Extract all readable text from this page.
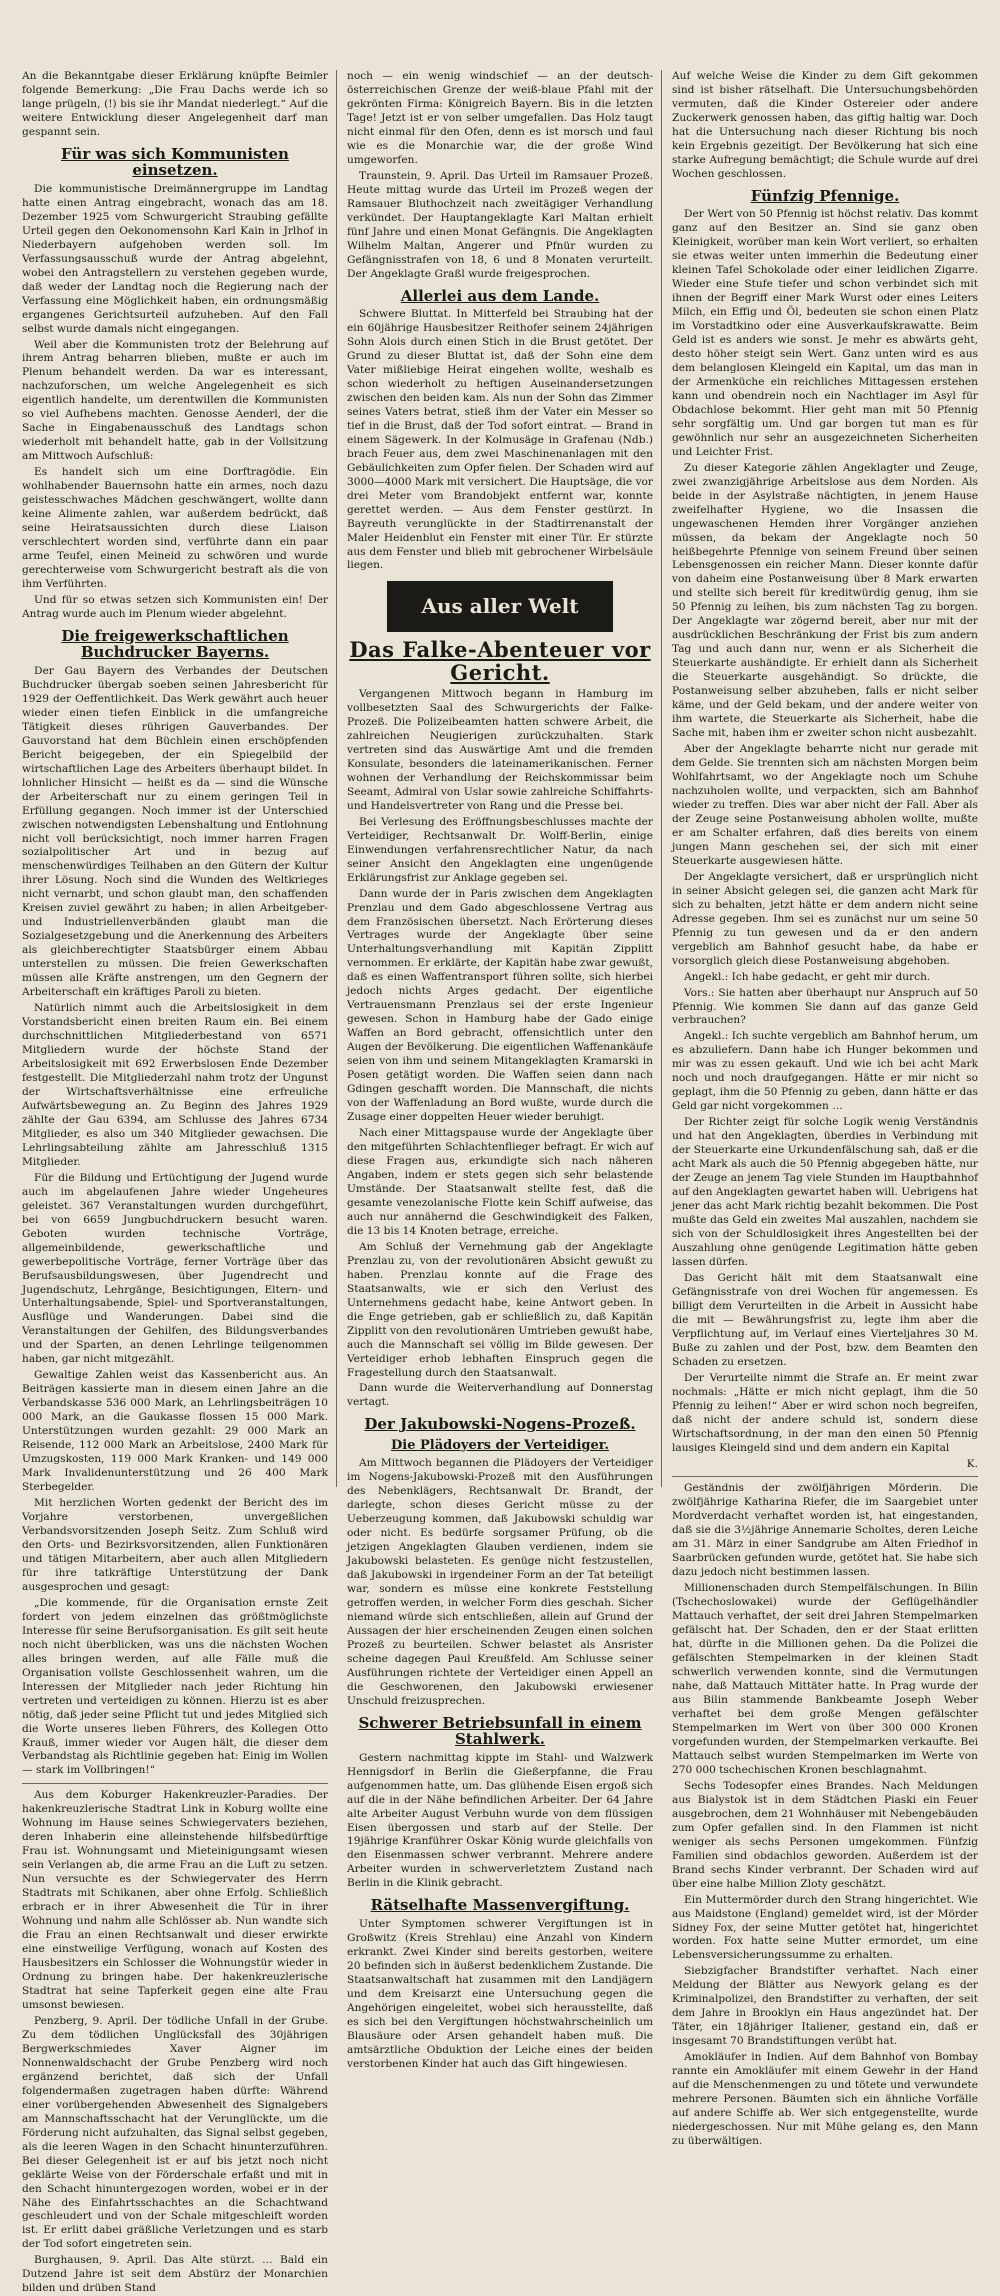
An die Bekanntgabe dieser Erklärung knüpfte Beimler folgende Bemerkung: „Die Frau Dachs werde ich so lange prügeln, (!) bis sie ihr Mandat niederlegt.“ Auf die weitere Entwicklung dieser Angelegenheit darf man gespannt sein.

Für was sich Kommunisten einsetzen.

Die kommunistische Dreimännergruppe im Landtag hatte einen Antrag eingebracht, wonach das am 18. Dezember 1925 vom Schwurgericht Straubing gefällte Urteil gegen den Oekonomensohn Karl Kain in Jrlhof in Niederbayern aufgehoben werden soll. Im Verfassungsausschuß wurde der Antrag abgelehnt, wobei den Antragstellern zu verstehen gegeben wurde, daß weder der Landtag noch die Regierung nach der Verfassung eine Möglichkeit haben, ein ordnungsmäßig ergangenes Gerichtsurteil aufzuheben. Auf den Fall selbst wurde damals nicht eingegangen.

Weil aber die Kommunisten trotz der Belehrung auf ihrem Antrag beharren blieben, mußte er auch im Plenum behandelt werden. Da war es interessant, nachzuforschen, um welche Angelegenheit es sich eigentlich handelte, um derentwillen die Kommunisten so viel Aufhebens machten. Genosse Aenderl, der die Sache in Eingabenausschuß des Landtags schon wiederholt mit behandelt hatte, gab in der Vollsitzung am Mittwoch Aufschluß:

Es handelt sich um eine Dorftragödie. Ein wohlhabender Bauernsohn hatte ein armes, noch dazu geistesschwaches Mädchen geschwängert, wollte dann keine Alimente zahlen, war außerdem bedrückt, daß seine Heiratsaussichten durch diese Liaison verschlechtert worden sind, verführte dann ein paar arme Teufel, einen Meineid zu schwören und wurde gerechterweise vom Schwurgericht bestraft als die von ihm Verführten.

Und für so etwas setzen sich Kommunisten ein! Der Antrag wurde auch im Plenum wieder abgelehnt.

Die freigewerkschaftlichen Buchdrucker Bayerns.

Der Gau Bayern des Verbandes der Deutschen Buchdrucker übergab soeben seinen Jahresbericht für 1929 der Oeffentlichkeit. Das Werk gewährt auch heuer wieder einen tiefen Einblick in die umfangreiche Tätigkeit dieses rührigen Gauverbandes. Der Gauvorstand hat dem Büchlein einen erschöpfenden Bericht beigegeben, der ein Spiegelbild der wirtschaftlichen Lage des Arbeiters überhaupt bildet. In lohnlicher Hinsicht — heißt es da — sind die Wünsche der Arbeiterschaft nur zu einem geringen Teil in Erfüllung gegangen. Noch immer ist der Unterschied zwischen notwendigsten Lebenshaltung und Entlohnung nicht voll berücksichtigt, noch immer harren Fragen sozialpolitischer Art und in bezug auf menschenwürdiges Teilhaben an den Gütern der Kultur ihrer Lösung. Noch sind die Wunden des Weltkrieges nicht vernarbt, und schon glaubt man, den schaffenden Kreisen zuviel gewährt zu haben; in allen Arbeitgeber- und Industriellenverbänden glaubt man die Sozialgesetzgebung und die Anerkennung des Arbeiters als gleichberechtigter Staatsbürger einem Abbau unterstellen zu müssen. Die freien Gewerkschaften müssen alle Kräfte anstrengen, um den Gegnern der Arbeiterschaft ein kräftiges Paroli zu bieten.

Natürlich nimmt auch die Arbeitslosigkeit in dem Vorstandsbericht einen breiten Raum ein. Bei einem durchschnittlichen Mitgliederbestand von 6571 Mitgliedern wurde der höchste Stand der Arbeitslosigkeit mit 692 Erwerbslosen Ende Dezember festgestellt. Die Mitgliederzahl nahm trotz der Ungunst der Wirtschaftsverhältnisse eine erfreuliche Aufwärtsbewegung an. Zu Beginn des Jahres 1929 zählte der Gau 6394, am Schlusse des Jahres 6734 Mitglieder, es also um 340 Mitglieder gewachsen. Die Lehrlingsabteilung zählte am Jahresschluß 1315 Mitglieder.

Für die Bildung und Ertüchtigung der Jugend wurde auch im abgelaufenen Jahre wieder Ungeheures geleistet. 367 Veranstaltungen wurden durchgeführt, bei von 6659 Jungbuchdruckern besucht waren. Geboten wurden technische Vorträge, allgemeinbildende, gewerkschaftliche und gewerbepolitische Vorträge, ferner Vorträge über das Berufsausbildungswesen, über Jugendrecht und Jugendschutz, Lehrgänge, Besichtigungen, Eltern- und Unterhaltungsabende, Spiel- und Sportveranstaltungen, Ausflüge und Wanderungen. Dabei sind die Veranstaltungen der Gehilfen, des Bildungsverbandes und der Sparten, an denen Lehrlinge teilgenommen haben, gar nicht mitgezählt.

Gewaltige Zahlen weist das Kassenbericht aus. An Beiträgen kassierte man in diesem einen Jahre an die Verbandskasse 536 000 Mark, an Lehrlingsbeiträgen 10 000 Mark, an die Gaukasse flossen 15 000 Mark. Unterstützungen wurden gezahlt: 29 000 Mark an Reisende, 112 000 Mark an Arbeitslose, 2400 Mark für Umzugskosten, 119 000 Mark Kranken- und 149 000 Mark Invalidenunterstützung und 26 400 Mark Sterbegelder.

Mit herzlichen Worten gedenkt der Bericht des im Vorjahre verstorbenen, unvergeßlichen Verbandsvorsitzenden Joseph Seitz. Zum Schluß wird den Orts- und Bezirksvorsitzenden, allen Funktionären und tätigen Mitarbeitern, aber auch allen Mitgliedern für ihre tatkräftige Unterstützung der Dank ausgesprochen und gesagt:

„Die kommende, für die Organisation ernste Zeit fordert von jedem einzelnen das größtmöglichste Interesse für seine Berufsorganisation. Es gilt seit heute noch nicht überblicken, was uns die nächsten Wochen alles bringen werden, auf alle Fälle muß die Organisation vollste Geschlossenheit wahren, um die Interessen der Mitglieder nach jeder Richtung hin vertreten und verteidigen zu können. Hierzu ist es aber nötig, daß jeder seine Pflicht tut und jedes Mitglied sich die Worte unseres lieben Führers, des Kollegen Otto Krauß, immer wieder vor Augen hält, die dieser dem Verbandstag als Richtlinie gegeben hat: Einig im Wollen — stark im Vollbringen!“

Aus dem Koburger Hakenkreuzler-Paradies. Der hakenkreuzlerische Stadtrat Link in Koburg wollte eine Wohnung im Hause seines Schwiegervaters beziehen, deren Inhaberin eine alleinstehende hilfsbedürftige Frau ist. Wohnungsamt und Mieteinigungsamt wiesen sein Verlangen ab, die arme Frau an die Luft zu setzen. Nun versuchte es der Schwiegervater des Herrn Stadtrats mit Schikanen, aber ohne Erfolg. Schließlich erbrach er in ihrer Abwesenheit die Tür in ihrer Wohnung und nahm alle Schlösser ab. Nun wandte sich die Frau an einen Rechtsanwalt und dieser erwirkte eine einstweilige Verfügung, wonach auf Kosten des Hausbesitzers ein Schlosser die Wohnungstür wieder in Ordnung zu bringen habe. Der hakenkreuzlerische Stadtrat hat seine Tapferkeit gegen eine alte Frau umsonst bewiesen.

Penzberg, 9. April. Der tödliche Unfall in der Grube. Zu dem tödlichen Unglücksfall des 30jährigen Bergwerkschmiedes Xaver Aigner im Nonnenwaldschacht der Grube Penzberg wird noch ergänzend berichtet, daß sich der Unfall folgendermaßen zugetragen haben dürfte: Während einer vorübergehenden Abwesenheit des Signalgebers am Mannschaftsschacht hat der Verunglückte, um die Förderung nicht aufzuhalten, das Signal selbst gegeben, als die leeren Wagen in den Schacht hinunterzuführen. Bei dieser Gelegenheit ist er auf bis jetzt noch nicht geklärte Weise von der Förderschale erfaßt und mit in den Schacht hinuntergezogen worden, wobei er in der Nähe des Einfahrtsschachtes an die Schachtwand geschleudert und von der Schale mitgeschleift worden ist. Er erlitt dabei gräßliche Verletzungen und es starb der Tod sofort eingetreten sein.

Burghausen, 9. April. Das Alte stürzt. … Bald ein Dutzend Jahre ist seit dem Abstürz der Monarchien bilden und drüben Stand

noch — ein wenig windschief — an der deutsch-österreichischen Grenze der weiß-blaue Pfahl mit der gekrönten Firma: Königreich Bayern. Bis in die letzten Tage! Jetzt ist er von selber umgefallen. Das Holz taugt nicht einmal für den Ofen, denn es ist morsch und faul wie es die Monarchie war, die der große Wind umgeworfen.

Traunstein, 9. April. Das Urteil im Ramsauer Prozeß. Heute mittag wurde das Urteil im Prozeß wegen der Ramsauer Bluthochzeit nach zweitägiger Verhandlung verkündet. Der Hauptangeklagte Karl Maltan erhielt fünf Jahre und einen Monat Gefängnis. Die Angeklagten Wilhelm Maltan, Angerer und Pfnür wurden zu Gefängnisstrafen von 18, 6 und 8 Monaten verurteilt. Der Angeklagte Graßl wurde freigesprochen.

Allerlei aus dem Lande.

Schwere Bluttat. In Mitterfeld bei Straubing hat der ein 60jährige Hausbesitzer Reithofer seinem 24jährigen Sohn Alois durch einen Stich in die Brust getötet. Der Grund zu dieser Bluttat ist, daß der Sohn eine dem Vater mißliebige Heirat eingehen wollte, weshalb es schon wiederholt zu heftigen Auseinandersetzungen zwischen den beiden kam. Als nun der Sohn das Zimmer seines Vaters betrat, stieß ihm der Vater ein Messer so tief in die Brust, daß der Tod sofort eintrat. — Brand in einem Sägewerk. In der Kolmusäge in Grafenau (Ndb.) brach Feuer aus, dem zwei Maschinenanlagen mit den Gebäulichkeiten zum Opfer fielen. Der Schaden wird auf 3000—4000 Mark mit versichert. Die Hauptsäge, die vor drei Meter vom Brandobjekt entfernt war, konnte gerettet werden. — Aus dem Fenster gestürzt. In Bayreuth verunglückte in der Stadtirrenanstalt der Maler Heidenblut ein Fenster mit einer Tür. Er stürzte aus dem Fenster und blieb mit gebrochener Wirbelsäule liegen.

Aus aller Welt
Das Falke-Abenteuer vor Gericht.

Vergangenen Mittwoch begann in Hamburg im vollbesetzten Saal des Schwurgerichts der Falke-Prozeß. Die Polizeibeamten hatten schwere Arbeit, die zahlreichen Neugierigen zurückzuhalten. Stark vertreten sind das Auswärtige Amt und die fremden Konsulate, besonders die lateinamerikanischen. Ferner wohnen der Verhandlung der Reichskommissar beim Seeamt, Admiral von Uslar sowie zahlreiche Schiffahrts- und Handelsvertreter von Rang und die Presse bei.

Bei Verlesung des Eröffnungsbeschlusses machte der Verteidiger, Rechtsanwalt Dr. Wolff-Berlin, einige Einwendungen verfahrensrechtlicher Natur, da nach seiner Ansicht den Angeklagten eine ungenügende Erklärungsfrist zur Anklage gegeben sei.

Dann wurde der in Paris zwischen dem Angeklagten Prenzlau und dem Gado abgeschlossene Vertrag aus dem Französischen übersetzt. Nach Erörterung dieses Vertrages wurde der Angeklagte über seine Unterhaltungsverhandlung mit Kapitän Zipplitt vernommen. Er erklärte, der Kapitän habe zwar gewußt, daß es einen Waffentransport führen sollte, sich hierbei jedoch nichts Arges gedacht. Der eigentliche Vertrauensmann Prenzlaus sei der erste Ingenieur gewesen. Schon in Hamburg habe der Gado einige Waffen an Bord gebracht, offensichtlich unter den Augen der Bevölkerung. Die eigentlichen Waffenankäufe seien von ihm und seinem Mitangeklagten Kramarski in Posen getätigt worden. Die Waffen seien dann nach Gdingen geschafft worden. Die Mannschaft, die nichts von der Waffenladung an Bord wußte, wurde durch die Zusage einer doppelten Heuer wieder beruhigt.

Nach einer Mittagspause wurde der Angeklagte über den mitgeführten Schlachtenflieger befragt. Er wich auf diese Fragen aus, erkundigte sich nach näheren Angaben, indem er stets gegen sich sehr belastende Umstände. Der Staatsanwalt stellte fest, daß die gesamte venezolanische Flotte kein Schiff aufweise, das auch nur annähernd die Geschwindigkeit des Falken, die 13 bis 14 Knoten betrage, erreiche.

Am Schluß der Vernehmung gab der Angeklagte Prenzlau zu, von der revolutionären Absicht gewußt zu haben. Prenzlau konnte auf die Frage des Staatsanwalts, wie er sich den Verlust des Unternehmens gedacht habe, keine Antwort geben. In die Enge getrieben, gab er schließlich zu, daß Kapitän Zipplitt von den revolutionären Umtrieben gewußt habe, auch die Mannschaft sei völlig im Bilde gewesen. Der Verteidiger erhob lebhaften Einspruch gegen die Fragestellung durch den Staatsanwalt.

Dann wurde die Weiterverhandlung auf Donnerstag vertagt.

Der Jakubowski-Nogens-Prozeß.
Die Plädoyers der Verteidiger.

Am Mittwoch begannen die Plädoyers der Verteidiger im Nogens-Jakubowski-Prozeß mit den Ausführungen des Nebenklägers, Rechtsanwalt Dr. Brandt, der darlegte, schon dieses Gericht müsse zu der Ueberzeugung kommen, daß Jakubowski schuldig war oder nicht. Es bedürfe sorgsamer Prüfung, ob die jetzigen Angeklagten Glauben verdienen, indem sie Jakubowski belasteten. Es genüge nicht festzustellen, daß Jakubowski in irgendeiner Form an der Tat beteiligt war, sondern es müsse eine konkrete Feststellung getroffen werden, in welcher Form dies geschah. Sicher niemand würde sich entschließen, allein auf Grund der Aussagen der hier erscheinenden Zeugen einen solchen Prozeß zu beurteilen. Schwer belastet als Ansrister scheine dagegen Paul Kreußfeld. Am Schlusse seiner Ausführungen richtete der Verteidiger einen Appell an die Geschworenen, den Jakubowski erwiesener Unschuld freizusprechen.

Schwerer Betriebsunfall in einem Stahlwerk.

Gestern nachmittag kippte im Stahl- und Walzwerk Hennigsdorf in Berlin die Gießerpfanne, die Frau aufgenommen hatte, um. Das glühende Eisen ergoß sich auf die in der Nähe befindlichen Arbeiter. Der 64 Jahre alte Arbeiter August Verbuhn wurde von dem flüssigen Eisen übergossen und starb auf der Stelle. Der 19jährige Kranführer Oskar König wurde gleichfalls von den Eisenmassen schwer verbrannt. Mehrere andere Arbeiter wurden in schwerverletztem Zustand nach Berlin in die Klinik gebracht.

Rätselhafte Massenvergiftung.

Unter Symptomen schwerer Vergiftungen ist in Großwitz (Kreis Strehlau) eine Anzahl von Kindern erkrankt. Zwei Kinder sind bereits gestorben, weitere 20 befinden sich in äußerst bedenklichem Zustande. Die Staatsanwaltschaft hat zusammen mit den Landjägern und dem Kreisarzt eine Untersuchung gegen die Angehörigen eingeleitet, wobei sich herausstellte, daß es sich bei den Vergiftungen höchstwahrscheinlich um Blausäure oder Arsen gehandelt haben muß. Die amtsärztliche Obduktion der Leiche eines der beiden verstorbenen Kinder hat auch das Gift hingewiesen.

Auf welche Weise die Kinder zu dem Gift gekommen sind ist bisher rätselhaft. Die Untersuchungsbehörden vermuten, daß die Kinder Ostereier oder andere Zuckerwerk genossen haben, das giftig haltig war. Doch hat die Untersuchung nach dieser Richtung bis noch kein Ergebnis gezeitigt. Der Bevölkerung hat sich eine starke Aufregung bemächtigt; die Schule wurde auf drei Wochen geschlossen.

Fünfzig Pfennige.

Der Wert von 50 Pfennig ist höchst relativ. Das kommt ganz auf den Besitzer an. Sind sie ganz oben Kleinigkeit, worüber man kein Wort verliert, so erhalten sie etwas weiter unten immerhin die Bedeutung einer kleinen Tafel Schokolade oder einer leidlichen Zigarre. Wieder eine Stufe tiefer und schon verbindet sich mit ihnen der Begriff einer Mark Wurst oder eines Leiters Milch, ein Effig und Öl, bedeuten sie schon einen Platz im Vorstadtkino oder eine Ausverkaufskrawatte. Beim Geld ist es anders wie sonst. Je mehr es abwärts geht, desto höher steigt sein Wert. Ganz unten wird es aus dem belanglosen Kleingeld ein Kapital, um das man in der Armenküche ein reichliches Mittagessen erstehen kann und obendrein noch ein Nachtlager im Asyl für Obdachlose bekommt. Hier geht man mit 50 Pfennig sehr sorgfältig um. Und gar borgen tut man es für gewöhnlich nur sehr an ausgezeichneten Sicherheiten und Leichter Frist.

Zu dieser Kategorie zählen Angeklagter und Zeuge, zwei zwanzigjährige Arbeitslose aus dem Norden. Als beide in der Asylstraße nächtigten, in jenem Hause zweifelhafter Hygiene, wo die Insassen die ungewaschenen Hemden ihrer Vorgänger anziehen müssen, da bekam der Angeklagte noch 50 heißbegehrte Pfennige von seinem Freund über seinen Lebensgenossen ein reicher Mann. Dieser konnte dafür von daheim eine Postanweisung über 8 Mark erwarten und stellte sich bereit für kreditwürdig genug, ihm sie 50 Pfennig zu leihen, bis zum nächsten Tag zu borgen. Der Angeklagte war zögernd bereit, aber nur mit der ausdrücklichen Beschränkung der Frist bis zum andern Tag und auch dann nur, wenn er als Sicherheit die Steuerkarte aushändigte. Er erhielt dann als Sicherheit die Steuerkarte ausgehändigt. So drückte, die Postanweisung selber abzuheben, falls er nicht selber käme, und der Geld bekam, und der andere weiter von ihm wartete, die Steuerkarte als Sicherheit, habe die Sache mit, haben ihm er zweiter schon nicht ausbezahlt.

Aber der Angeklagte beharrte nicht nur gerade mit dem Gelde. Sie trennten sich am nächsten Morgen beim Wohlfahrtsamt, wo der Angeklagte noch um Schuhe nachzuholen wollte, und verpackten, sich am Bahnhof wieder zu treffen. Dies war aber nicht der Fall. Aber als der Zeuge seine Postanweisung abholen wollte, mußte er am Schalter erfahren, daß dies bereits von einem jungen Mann geschehen sei, der sich mit einer Steuerkarte ausgewiesen hätte.

Der Angeklagte versichert, daß er ursprünglich nicht in seiner Absicht gelegen sei, die ganzen acht Mark für sich zu behalten, jetzt hätte er dem andern nicht seine Adresse gegeben. Ihm sei es zunächst nur um seine 50 Pfennig zu tun gewesen und da er den andern vergeblich am Bahnhof gesucht habe, da habe er vorsorglich gleich diese Postanweisung abgehoben.

Angekl.: Ich habe gedacht, er geht mir durch.

Vors.: Sie hatten aber überhaupt nur Anspruch auf 50 Pfennig. Wie kommen Sie dann auf das ganze Geld verbrauchen?

Angekl.: Ich suchte vergeblich am Bahnhof herum, um es abzuliefern. Dann habe ich Hunger bekommen und mir was zu essen gekauft. Und wie ich bei acht Mark noch und noch draufgegangen. Hätte er mir nicht so geplagt, ihm die 50 Pfennig zu geben, dann hätte er das Geld gar nicht vorgekommen …

Der Richter zeigt für solche Logik wenig Verständnis und hat den Angeklagten, überdies in Verbindung mit der Steuerkarte eine Urkundenfälschung sah, daß er die acht Mark als auch die 50 Pfennig abgegeben hätte, nur der Zeuge an jenem Tag viele Stunden im Hauptbahnhof auf den Angeklagten gewartet haben will. Uebrigens hat jener das acht Mark richtig bezahlt bekommen. Die Post mußte das Geld ein zweites Mal auszahlen, nachdem sie sich von der Schuldlosigkeit ihres Angestellten bei der Auszahlung ohne genügende Legitimation hätte geben lassen dürfen.

Das Gericht hält mit dem Staatsanwalt eine Gefängnisstrafe von drei Wochen für angemessen. Es billigt dem Verurteilten in die Arbeit in Aussicht habe die mit — Bewährungsfrist zu, legte ihm aber die Verpflichtung auf, im Verlauf eines Vierteljahres 30 M. Buße zu zahlen und der Post, bzw. dem Beamten den Schaden zu ersetzen.

Der Verurteilte nimmt die Strafe an. Er meint zwar nochmals: „Hätte er mich nicht geplagt, ihm die 50 Pfennig zu leihen!“ Aber er wird schon noch begreifen, daß nicht der andere schuld ist, sondern diese Wirtschaftsordnung, in der man den einen 50 Pfennig lausiges Kleingeld sind und dem andern ein Kapital

K.

Geständnis der zwölfjährigen Mörderin. Die zwölfjährige Katharina Riefer, die im Saargebiet unter Mordverdacht verhaftet worden ist, hat eingestanden, daß sie die 3½jährige Annemarie Scholtes, deren Leiche am 31. März in einer Sandgrube am Alten Friedhof in Saarbrücken gefunden wurde, getötet hat. Sie habe sich dazu jedoch nicht bestimmen lassen.

Millionenschaden durch Stempelfälschungen. In Bilin (Tschechoslowakei) wurde der Geflügelhändler Mattauch verhaftet, der seit drei Jahren Stempelmarken gefälscht hat. Der Schaden, den er der Staat erlitten hat, dürfte in die Millionen gehen. Da die Polizei die gefälschten Stempelmarken in der kleinen Stadt schwerlich verwenden konnte, sind die Vermutungen nahe, daß Mattauch Mittäter hatte. In Prag wurde der aus Bilin stammende Bankbeamte Joseph Weber verhaftet bei dem große Mengen gefälschter Stempelmarken im Wert von über 300 000 Kronen vorgefunden wurden, der Stempelmarken verkaufte. Bei Mattauch selbst wurden Stempelmarken im Werte von 270 000 tschechischen Kronen beschlagnahmt.

Sechs Todesopfer eines Brandes. Nach Meldungen aus Bialystok ist in dem Städtchen Piaski ein Feuer ausgebrochen, dem 21 Wohnhäuser mit Nebengebäuden zum Opfer gefallen sind. In den Flammen ist nicht weniger als sechs Personen umgekommen. Fünfzig Familien sind obdachlos geworden. Außerdem ist der Brand sechs Kinder verbrannt. Der Schaden wird auf über eine halbe Million Zloty geschätzt.

Ein Muttermörder durch den Strang hingerichtet. Wie aus Maidstone (England) gemeldet wird, ist der Mörder Sidney Fox, der seine Mutter getötet hat, hingerichtet worden. Fox hatte seine Mutter ermordet, um eine Lebensversicherungssumme zu erhalten.

Siebzigfacher Brandstifter verhaftet. Nach einer Meldung der Blätter aus Newyork gelang es der Kriminalpolizei, den Brandstifter zu verhaften, der seit dem Jahre in Brooklyn ein Haus angezündet hat. Der Täter, ein 18jähriger Italiener, gestand ein, daß er insgesamt 70 Brandstiftungen verübt hat.

Amokläufer in Indien. Auf dem Bahnhof von Bombay rannte ein Amokläufer mit einem Gewehr in der Hand auf die Menschenmengen zu und tötete und verwundete mehrere Personen. Bäumten sich ein ähnliche Vorfälle auf andere Schiffe ab. Wer sich entgegenstellte, wurde niedergeschossen. Nur mit Mühe gelang es, den Mann zu überwältigen.
